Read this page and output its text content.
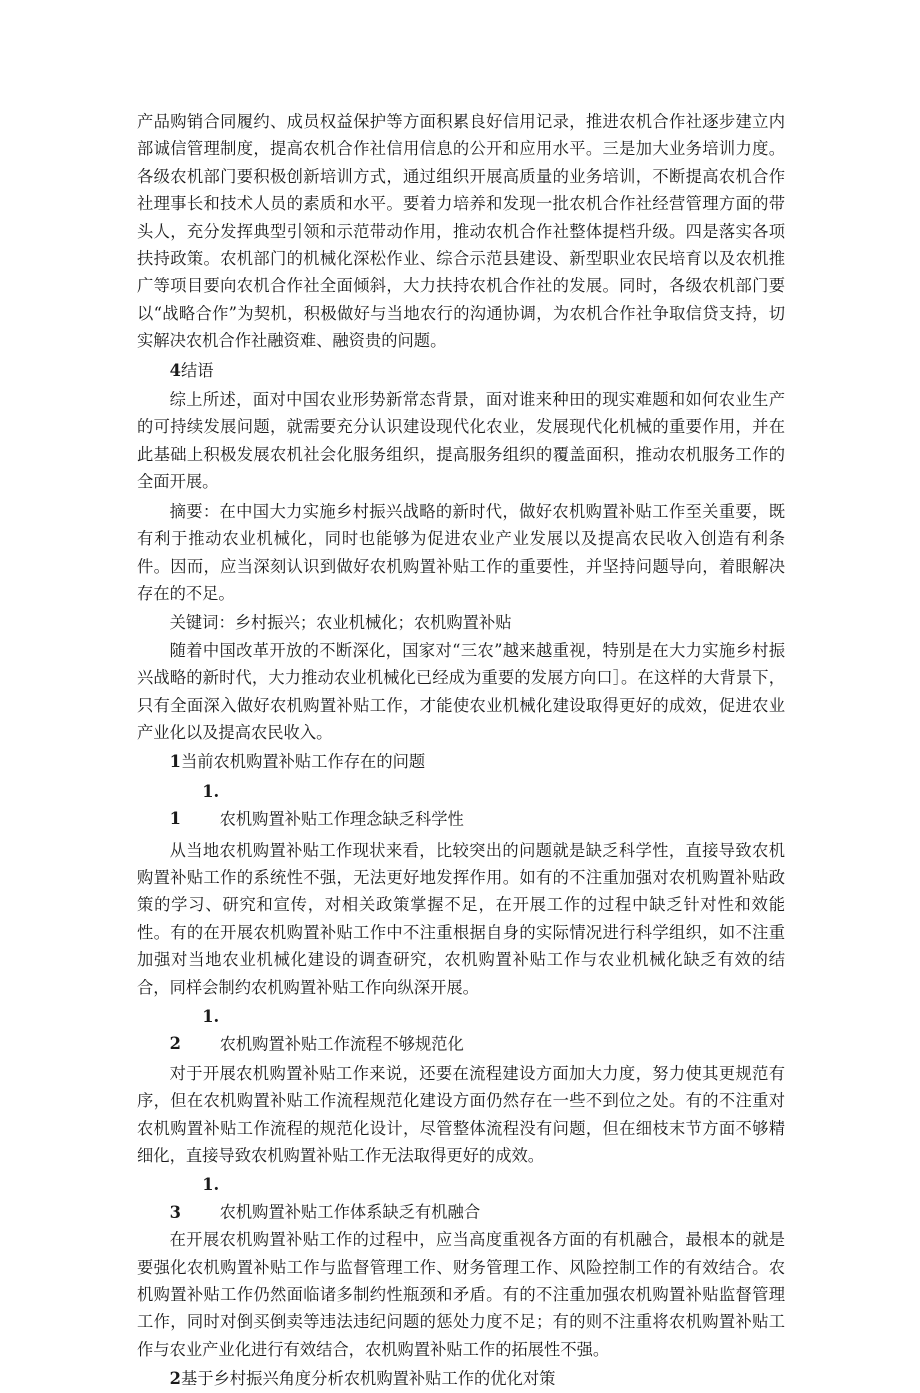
产品购销合同履约、成员权益保护等方面积累良好信用记录，推进农机合作社逐步建立内部诚信管理制度，提高农机合作社信用信息的公开和应用水平。三是加大业务培训力度。各级农机部门要积极创新培训方式，通过组织开展高质量的业务培训，不断提高农机合作社理事长和技术人员的素质和水平。要着力培养和发现一批农机合作社经营管理方面的带头人，充分发挥典型引领和示范带动作用，推动农机合作社整体提档升级。四是落实各项扶持政策。农机部门的机械化深松作业、综合示范县建设、新型职业农民培育以及农机推广等项目要向农机合作社全面倾斜，大力扶持农机合作社的发展。同时，各级农机部门要以“战略合作”为契机，积极做好与当地农行的沟通协调，为农机合作社争取信贷支持，切实解决农机合作社融资难、融资贵的问题。

4结语

综上所述，面对中国农业形势新常态背景，面对谁来种田的现实难题和如何农业生产的可持续发展问题，就需要充分认识建设现代化农业，发展现代化机械的重要作用，并在此基础上积极发展农机社会化服务组织，提高服务组织的覆盖面积，推动农机服务工作的全面开展。

摘要：在中国大力实施乡村振兴战略的新时代，做好农机购置补贴工作至关重要，既有利于推动农业机械化，同时也能够为促进农业产业发展以及提高农民收入创造有利条件。因而，应当深刻认识到做好农机购置补贴工作的重要性，并坚持问题导向，着眼解决存在的不足。

关键词：乡村振兴；农业机械化；农机购置补贴

随着中国改革开放的不断深化，国家对“三农”越来越重视，特别是在大力实施乡村振兴战略的新时代，大力推动农业机械化已经成为重要的发展方向口］。在这样的大背景下，只有全面深入做好农机购置补贴工作，才能使农业机械化建设取得更好的成效，促进农业产业化以及提高农民收入。

1当前农机购置补贴工作存在的问题

1.1 农机购置补贴工作理念缺乏科学性

从当地农机购置补贴工作现状来看，比较突出的问题就是缺乏科学性，直接导致农机购置补贴工作的系统性不强，无法更好地发挥作用。如有的不注重加强对农机购置补贴政策的学习、研究和宣传，对相关政策掌握不足，在开展工作的过程中缺乏针对性和效能性。有的在开展农机购置补贴工作中不注重根据自身的实际情况进行科学组织，如不注重加强对当地农业机械化建设的调查研究，农机购置补贴工作与农业机械化缺乏有效的结合，同样会制约农机购置补贴工作向纵深开展。

1.2 农机购置补贴工作流程不够规范化

对于开展农机购置补贴工作来说，还要在流程建设方面加大力度，努力使其更规范有序，但在农机购置补贴工作流程规范化建设方面仍然存在一些不到位之处。有的不注重对农机购置补贴工作流程的规范化设计，尽管整体流程没有问题，但在细枝末节方面不够精细化，直接导致农机购置补贴工作无法取得更好的成效。

1.3 农机购置补贴工作体系缺乏有机融合

在开展农机购置补贴工作的过程中，应当高度重视各方面的有机融合，最根本的就是要强化农机购置补贴工作与监督管理工作、财务管理工作、风险控制工作的有效结合。农机购置补贴工作仍然面临诸多制约性瓶颈和矛盾。有的不注重加强农机购置补贴监督管理工作，同时对倒买倒卖等违法违纪问题的惩处力度不足；有的则不注重将农机购置补贴工作与农业产业化进行有效结合，农机购置补贴工作的拓展性不强。

2基于乡村振兴角度分析农机购置补贴工作的优化对策
